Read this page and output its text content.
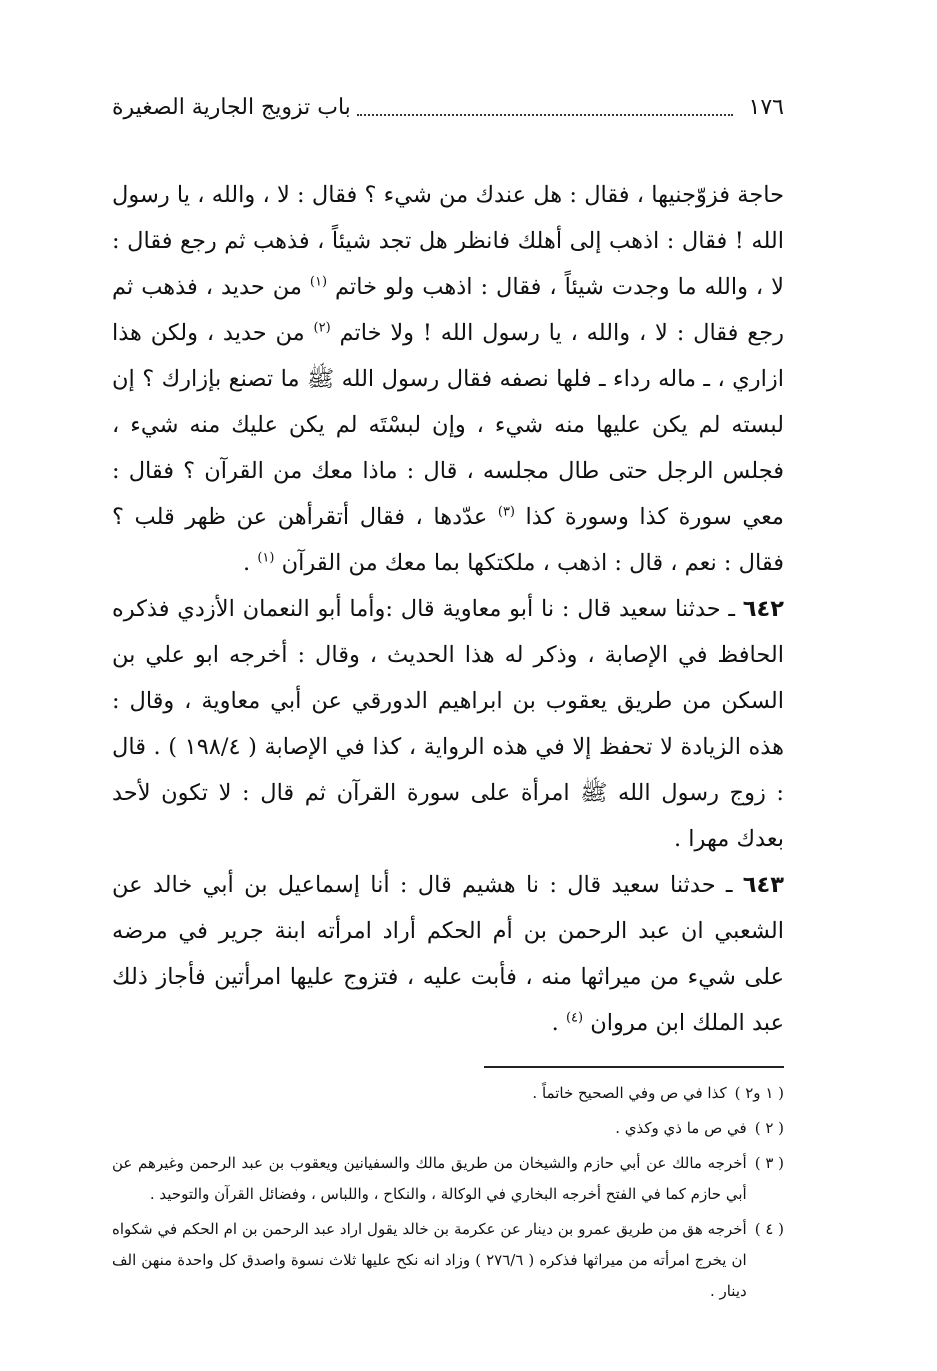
١٧٦
باب تزويج الجارية الصغيرة

حاجة فزوّجنيها ، فقال : هل عندك من شيء ؟ فقال : لا ، والله ، يا رسول الله ! فقال : اذهب إلى أهلك فانظر هل تجد شيئاً ، فذهب ثم رجع فقال : لا ، والله ما وجدت شيئاً ، فقال : اذهب ولو خاتم $^{(١)}$ من حديد ، فذهب ثم رجع فقال : لا ، والله ، يا رسول الله ! ولا خاتم $^{(٢)}$ من حديد ، ولكن هذا ازاري ، ـ ماله رداء ـ فلها نصفه فقال رسول الله ﷺ ما تصنع بإزارك ؟ إن لبسته لم يكن عليها منه شيء ، وإن لبسْتَه لم يكن عليك منه شيء ، فجلس الرجل حتى طال مجلسه ، قال : ماذا معك من القرآن ؟ فقال : معي سورة كذا وسورة كذا $^{(٣)}$ عدّدها ، فقال أتقرأهن عن ظهر قلب ؟ فقال : نعم ، قال : اذهب ، ملكتكها بما معك من القرآن $^{(١)}$ .

٦٤٢ ـ حدثنا سعيد قال : نا أبو معاوية قال :وأما أبو النعمان الأزدي فذكره الحافظ في الإصابة ، وذكر له هذا الحديث ، وقال : أخرجه ابو علي بن السكن من طريق يعقوب بن ابراهيم الدورقي عن أبي معاوية ، وقال : هذه الزيادة لا تحفظ إلا في هذه الرواية ، كذا في الإصابة ( ١٩٨/٤ ) . قال : زوج رسول الله ﷺ امرأة على سورة القرآن ثم قال : لا تكون لأحد بعدك مهرا .

٦٤٣ ـ حدثنا سعيد قال : نا هشيم قال : أنا إسماعيل بن أبي خالد عن الشعبي ان عبد الرحمن بن أم الحكم أراد امرأته ابنة جرير في مرضه على شيء من ميراثها منه ، فأبت عليه ، فتزوج عليها امرأتين فأجاز ذلك عبد الملك ابن مروان $^{(٤)}$ .

( ١ و٢ )
كذا في ص وفي الصحيح خاتماً .
( ٢ )
في ص ما ذي وكذي .
( ٣ )
أخرجه مالك عن أبي حازم والشيخان من طريق مالك والسفيانين ويعقوب بن عبد الرحمن وغيرهم عن أبي حازم كما في الفتح أخرجه البخاري في الوكالة ، والنكاح ، واللباس ، وفضائل القرآن والتوحيد .
( ٤ )
أخرجه هق من طريق عمرو بن دينار عن عكرمة بن خالد يقول اراد عبد الرحمن بن ام الحكم في شكواه ان يخرج امرأته من ميراثها فذكره ( ٢٧٦/٦ ) وزاد انه نكح عليها ثلاث نسوة واصدق كل واحدة منهن الف دينار .
